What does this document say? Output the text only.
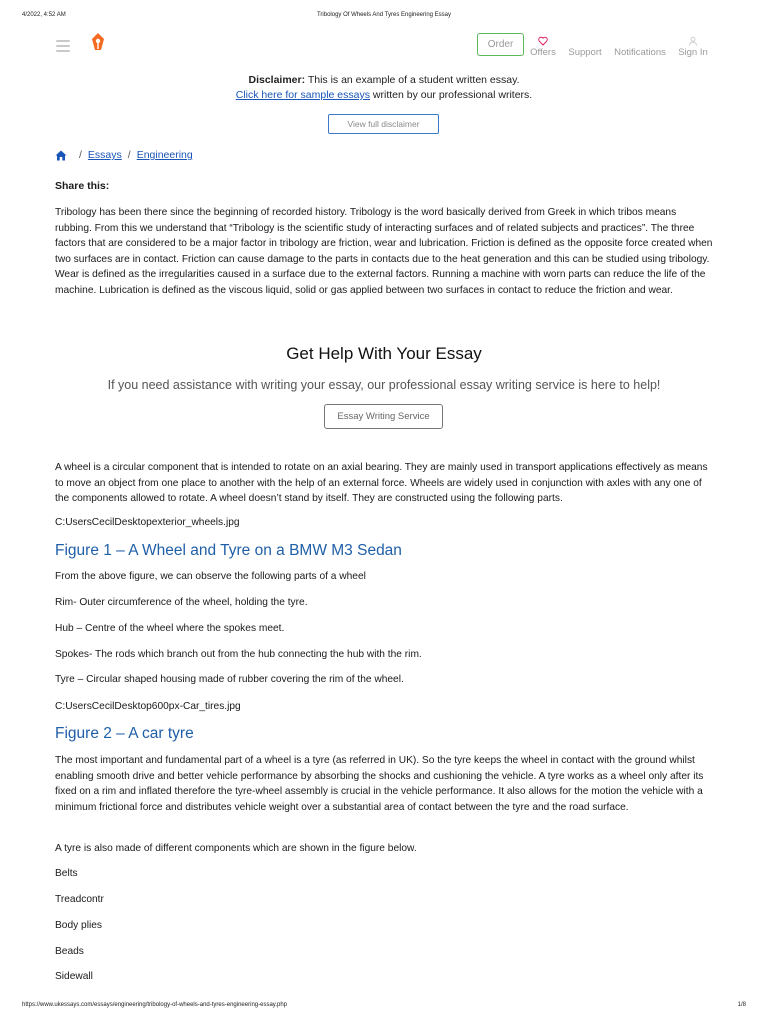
4/2022, 4:52 AM	Tribology Of Wheels And Tyres Engineering Essay
Order
Offers Support Notifications Sign In
Disclaimer: This is an example of a student written essay.
Click here for sample essays written by our professional writers.
View full disclaimer
/ Essays / Engineering
Share this:

Tribology has been there since the beginning of recorded history. Tribology is the word basically derived from Greek in which tribos means rubbing. From this we understand that “Tribology is the scientific study of interacting surfaces and of related subjects and practices”. The three factors that are considered to be a major factor in tribology are friction, wear and lubrication. Friction is defined as the opposite force created when two surfaces are in contact. Friction can cause damage to the parts in contacts due to the heat generation and this can be studied using tribology. Wear is defined as the irregularities caused in a surface due to the external factors. Running a machine with worn parts can reduce the life of the machine. Lubrication is defined as the viscous liquid, solid or gas applied between two surfaces in contact to reduce the friction and wear.

Get Help With Your Essay
If you need assistance with writing your essay, our professional essay writing service is here to help!
Essay Writing Service

A wheel is a circular component that is intended to rotate on an axial bearing. They are mainly used in transport applications effectively as means to move an object from one place to another with the help of an external force. Wheels are widely used in conjunction with axles with any one of the components allowed to rotate. A wheel doesn’t stand by itself. They are constructed using the following parts.

C:UsersCecilDesktopexterior_wheels.jpg
Figure 1 – A Wheel and Tyre on a BMW M3 Sedan
From the above figure, we can observe the following parts of a wheel
Rim- Outer circumference of the wheel, holding the tyre.
Hub – Centre of the wheel where the spokes meet.
Spokes- The rods which branch out from the hub connecting the hub with the rim.
Tyre – Circular shaped housing made of rubber covering the rim of the wheel.
C:UsersCecilDesktop600px-Car_tires.jpg
Figure 2 – A car tyre

The most important and fundamental part of a wheel is a tyre (as referred in UK). So the tyre keeps the wheel in contact with the ground whilst enabling smooth drive and better vehicle performance by absorbing the shocks and cushioning the vehicle. A tyre works as a wheel only after its fixed on a rim and inflated therefore the tyre-wheel assembly is crucial in the vehicle performance. It also allows for the motion the vehicle with a minimum frictional force and distributes vehicle weight over a substantial area of contact between the tyre and the road surface.

A tyre is also made of different components which are shown in the figure below.
Belts
Treadcontr
Body plies
Beads
Sidewall
https://www.ukessays.com/essays/engineering/tribology-of-wheels-and-tyres-engineering-essay.php	1/8
